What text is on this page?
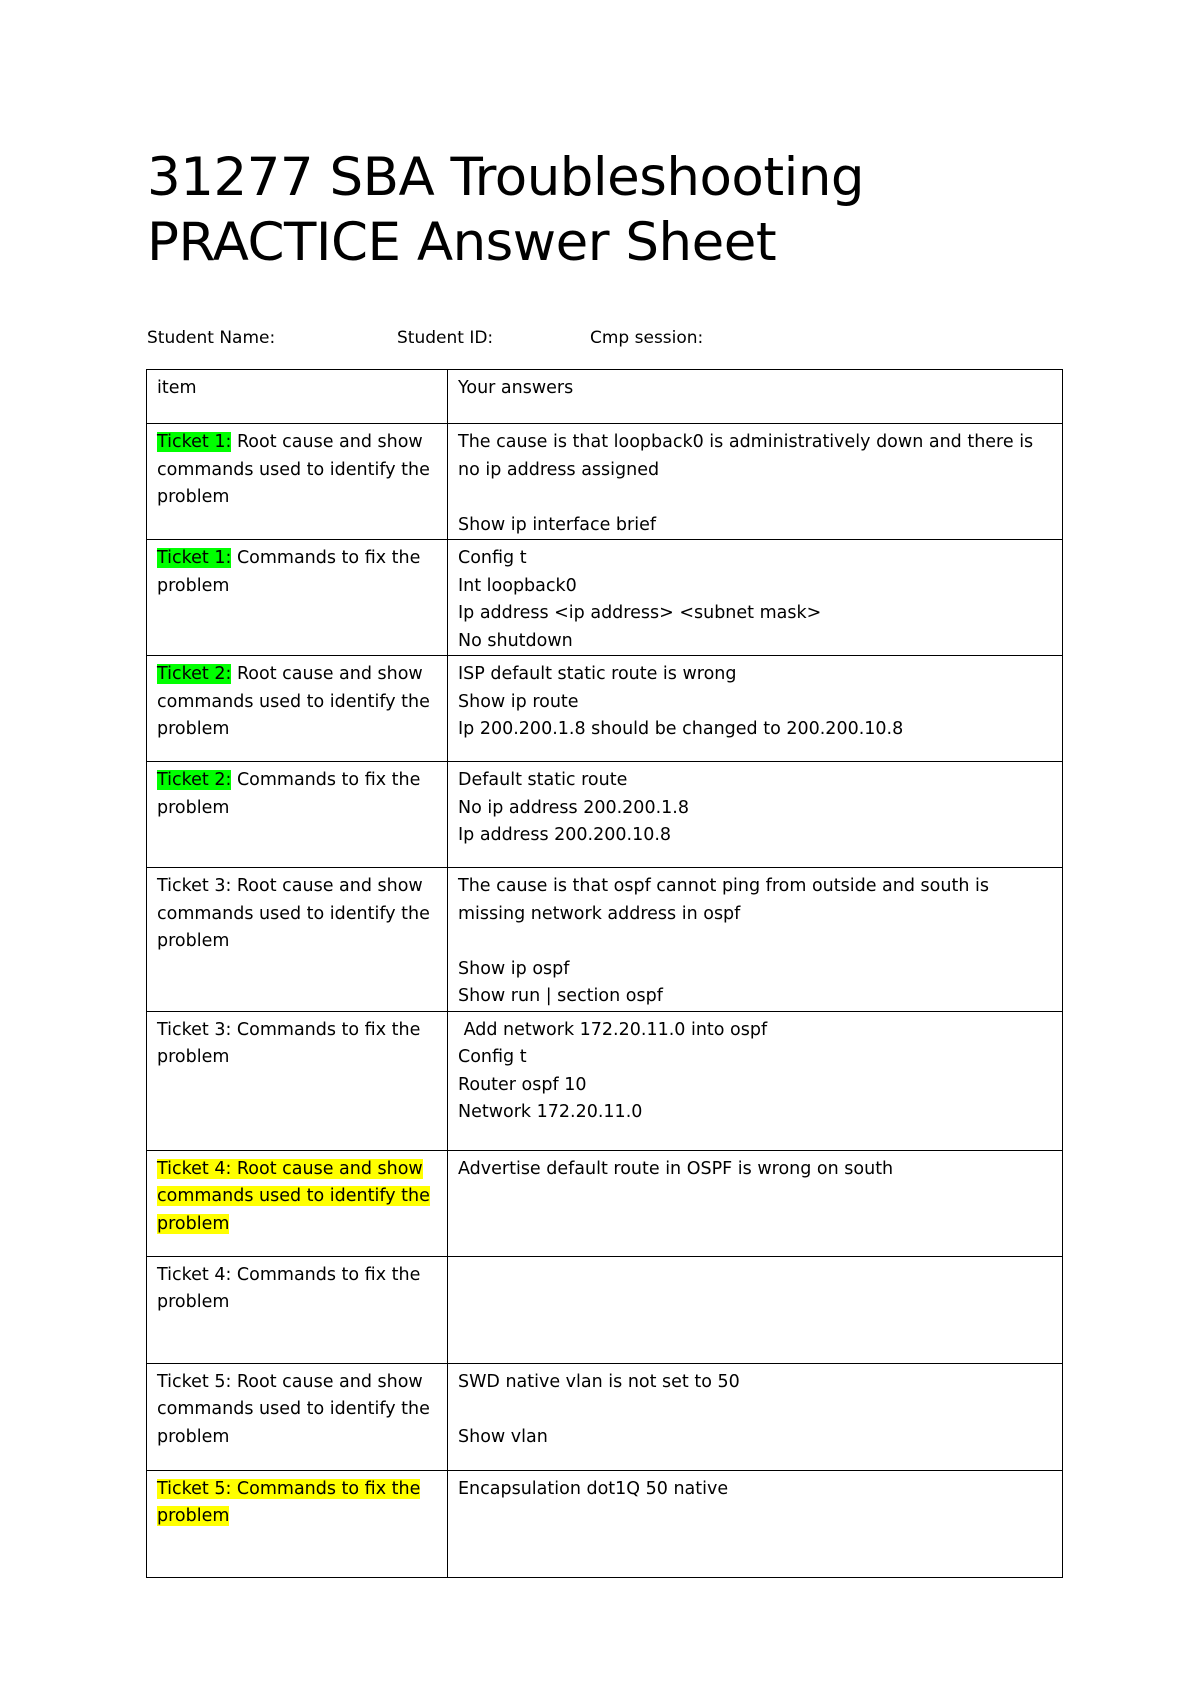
31277 SBA Troubleshooting
PRACTICE Answer Sheet
Student Name:	Student ID:	Cmp session:
item	Your answers
Ticket 1: Root cause and show commands used to identify the problem	The cause is that loopback0 is administratively down and there is no ip address assigned

Show ip interface brief

Ticket 1: Commands to fix the problem	Config t
Int loopback0
Ip address <ip address> <subnet mask>
No shutdown

Ticket 2: Root cause and show commands used to identify the problem	ISP default static route is wrong
Show ip route
Ip 200.200.1.8 should be changed to 200.200.10.8

Ticket 2: Commands to fix the problem	Default static route
No ip address 200.200.1.8
Ip address 200.200.10.8

Ticket 3: Root cause and show commands used to identify the problem	The cause is that ospf cannot ping from outside and south is missing network address in ospf

Show ip ospf
Show run | section ospf

Ticket 3: Commands to fix the problem	Add network 172.20.11.0 into ospf
Config t
Router ospf 10
Network 172.20.11.0

Ticket 4: Root cause and show commands used to identify the problem	Advertise default route in OSPF is wrong on south

Ticket 4: Commands to fix the problem	
Ticket 5: Root cause and show commands used to identify the problem	SWD native vlan is not set to 50

Show vlan

Ticket 5: Commands to fix the problem	Encapsulation dot1Q 50 native
